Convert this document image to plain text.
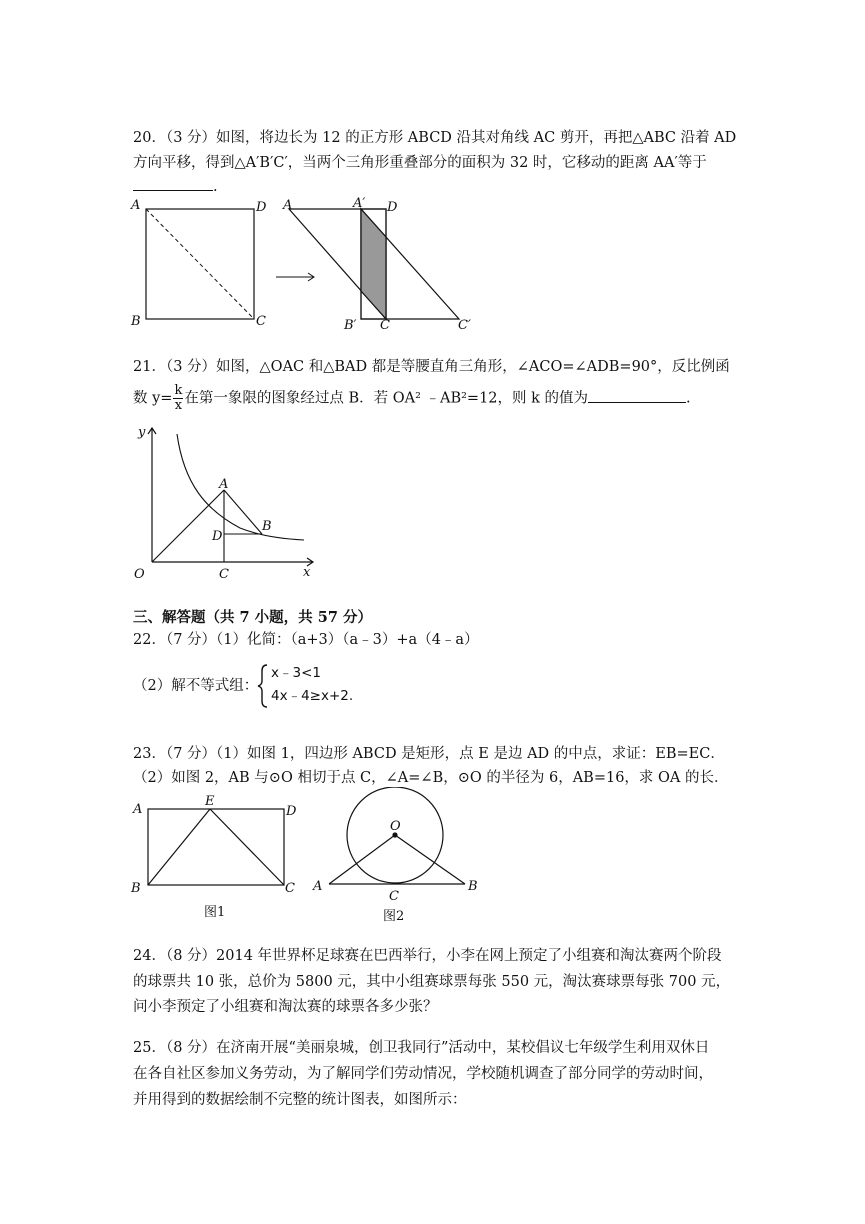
20．（3 分）如图，将边长为 12 的正方形 ABCD 沿其对角线 AC 剪开，再把△ABC 沿着 AD
方向平移，得到△A′B′C′，当两个三角形重叠部分的面积为 32 时，它移动的距离 AA′等于
.
A	D
B	C
A	A′ D
B′ C	C′
21．（3 分）如图，△OAC 和△BAD 都是等腰直角三角形，∠ACO=∠ADB=90°，反比例函
数 $y= \frac{k}{x}$ 在第一象限的图象经过点 B．若 OA² ﹣AB²=12，则 k 的值为	.
y
x
O
A
B
D
C
三、解答题（共 7 小题，共 57 分）
22．（7 分）（1）化简：（a+3）（a﹣3）+a（4﹣a）
（2）解不等式组：
x﹣3<1
4x﹣4≥x+2.
23．（7 分）（1）如图 1，四边形 ABCD 是矩形，点 E 是边 AD 的中点，求证：EB=EC．
（2）如图 2，AB 与⊙O 相切于点 C，∠A=∠B，⊙O 的半径为 6，AB=16，求 OA 的长．
A
E
D
B	C
图1
O
A	B
C
图2
24．（8 分）2014 年世界杯足球赛在巴西举行，小李在网上预定了小组赛和淘汰赛两个阶段
的球票共 10 张，总价为 5800 元，其中小组赛球票每张 550 元，淘汰赛球票每张 700 元，
问小李预定了小组赛和淘汰赛的球票各多少张？
25．（8 分）在济南开展“美丽泉城，创卫我同行”活动中，某校倡议七年级学生利用双休日
在各自社区参加义务劳动，为了解同学们劳动情况，学校随机调查了部分同学的劳动时间，
并用得到的数据绘制不完整的统计图表，如图所示：
